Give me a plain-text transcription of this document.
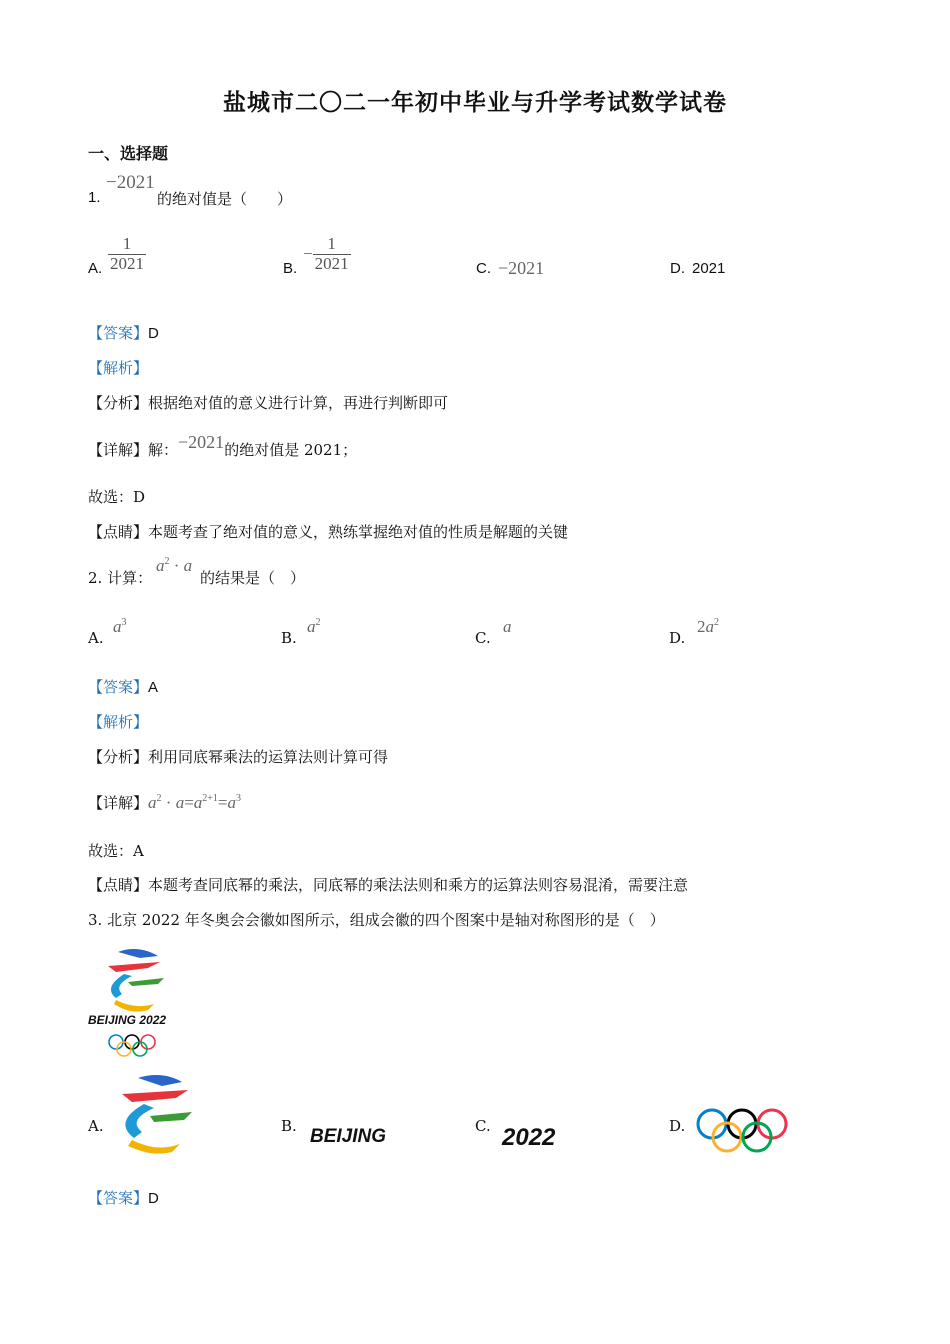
盐城市二〇二一年初中毕业与升学考试数学试卷
一、选择题
1.
−2021
的绝对值是（　　）
A. $\frac{1}{2021}$	B.
− $\frac{1}{2021}$	C. −2021	D. 2021
【答案】D
【解析】
【分析】根据绝对值的意义进行计算，再进行判断即可
【详解】解：−2021的绝对值是 2021；
故选：D
【点睛】本题考查了绝对值的意义，熟练掌握绝对值的性质是解题的关键
2. 计算：
$a^2 \cdot a$
的结果是（　）
A.
$a^3$
B.
$a^2$
C.
a
D.
$2a^2$
【答案】A
【解析】
【分析】利用同底幂乘法的运算法则计算可得
【详解】$a^2 \cdot a=a^{2+1}=a^3$
故选：A
【点睛】本题考查同底幂的乘法，同底幂的乘法法则和乘方的运算法则容易混淆，需要注意
3. 北京 2022 年冬奥会会徽如图所示，组成会徽的四个图案中是轴对称图形的是（　）
BEIJING 2022
A.	B. BEIJING	C. 2022	D.
【答案】D
